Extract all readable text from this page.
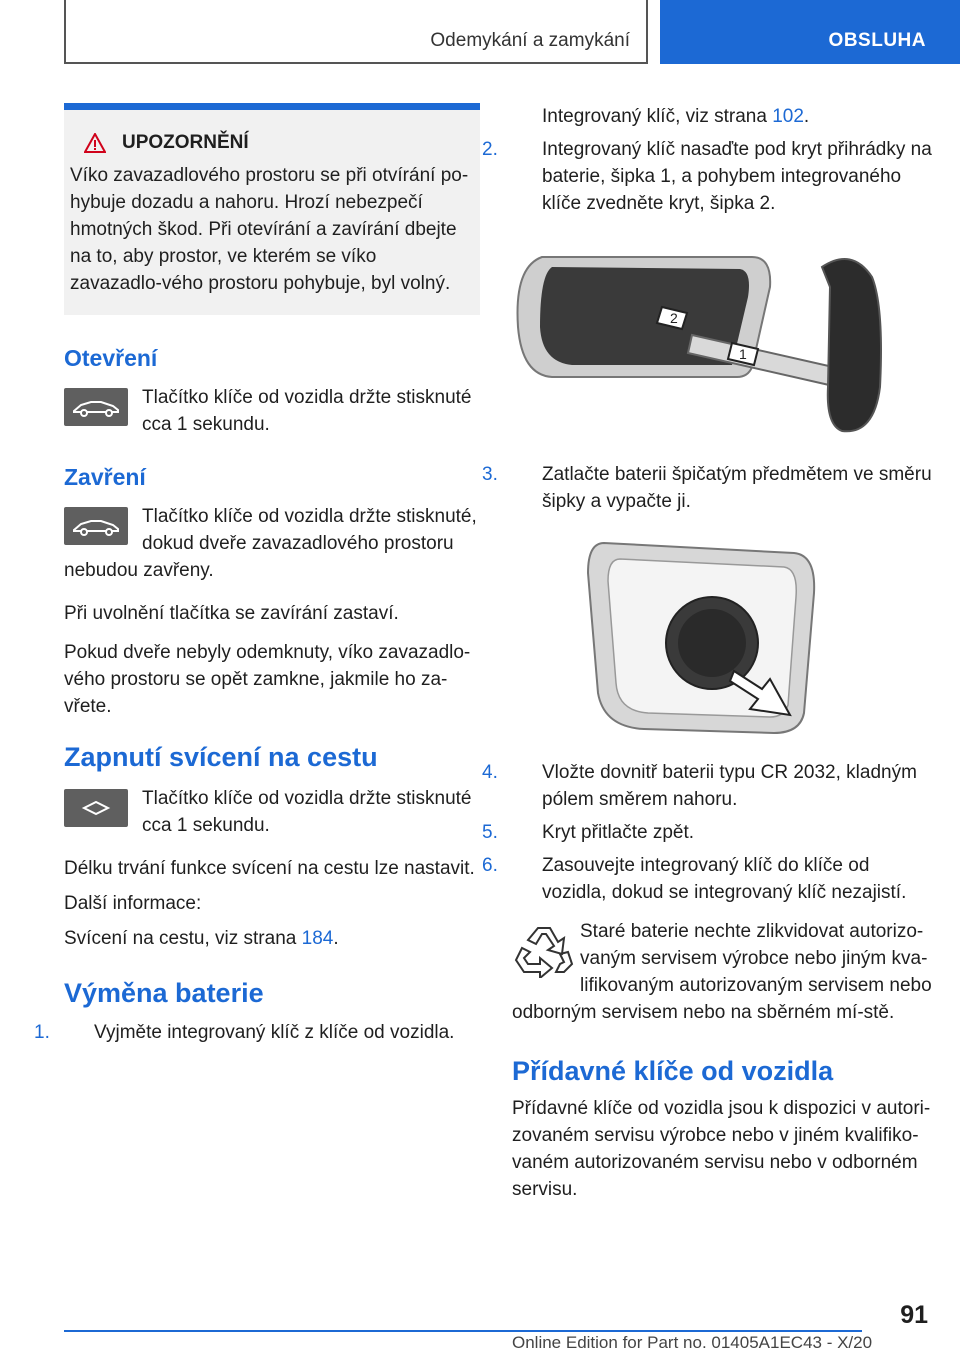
Odemykání a zamykání	OBSLUHA
UPOZORNĚNÍ
Víko zavazadlového prostoru se při otvírání po-hybuje dozadu a nahoru. Hrozí nebezpečí hmotných škod. Při otevírání a zavírání dbejte na to, aby prostor, ve kterém se víko zavazadlo-vého prostoru pohybuje, byl volný.
Otevření
Tlačítko klíče od vozidla držte stisknuté cca 1 sekundu.
Zavření
Tlačítko klíče od vozidla držte stisknuté, dokud dveře zavazadlového prostoru nebudou zavřeny.

Při uvolnění tlačítka se zavírání zastaví.

Pokud dveře nebyly odemknuty, víko zavazadlo-vého prostoru se opět zamkne, jakmile ho za-vřete.

Zapnutí svícení na cestu
Tlačítko klíče od vozidla držte stisknuté cca 1 sekundu.

Délku trvání funkce svícení na cestu lze nastavit.

Další informace:

Svícení na cestu, viz strana 184.

Výměna baterie
1. Vyjměte integrovaný klíč z klíče od vozidla.
Integrovaný klíč, viz strana 102.
2. Integrovaný klíč nasaďte pod kryt přihrádky na baterie, šipka 1, a pohybem integrovaného klíče zvedněte kryt, šipka 2.
2
1
3. Zatlačte baterii špičatým předmětem ve směru šipky a vypačte ji.
4. Vložte dovnitř baterii typu CR 2032, kladným pólem směrem nahoru.
5. Kryt přitlačte zpět.
6. Zasouvejte integrovaný klíč do klíče od vozidla, dokud se integrovaný klíč nezajistí.

Staré baterie nechte zlikvidovat autorizo-vaným servisem výrobce nebo jiným kva-lifikovaným autorizovaným servisem nebo odborným servisem nebo na sběrném mí-stě.

Přídavné klíče od vozidla

Přídavné klíče od vozidla jsou k dispozici v autori-zovaném servisu výrobce nebo v jiném kvalifiko-vaném autorizovaném servisu nebo v odborném servisu.

91
Online Edition for Part no. 01405A1EC43 - X/20
